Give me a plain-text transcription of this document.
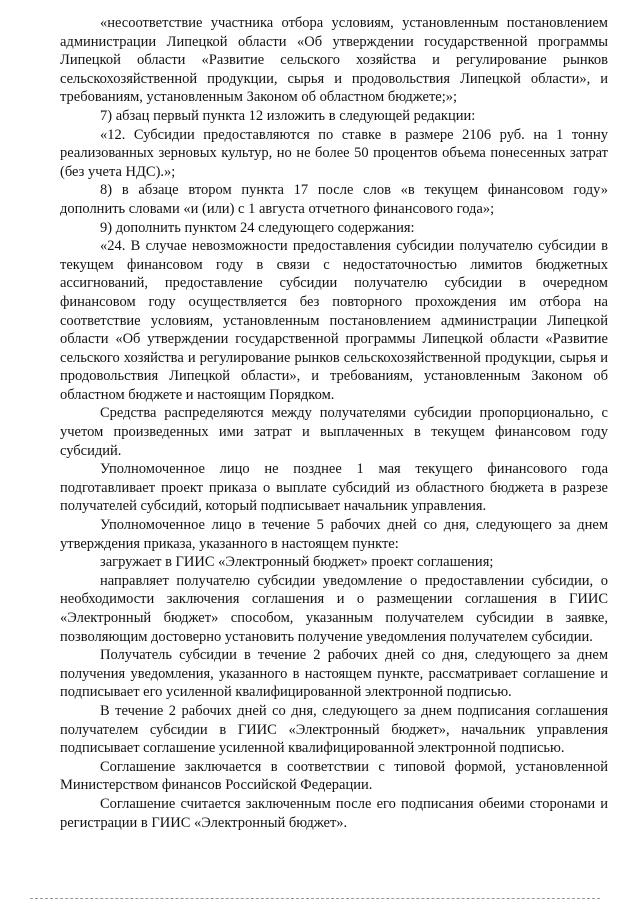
«несоответствие участника отбора условиям, установленным постановлением администрации Липецкой области «Об утверждении государственной программы Липецкой области «Развитие сельского хозяйства и регулирование рынков сельскохозяйственной продукции, сырья и продовольствия Липецкой области», и требованиям, установленным Законом об областном бюджете;»;

7) абзац первый пункта 12 изложить в следующей редакции:

«12. Субсидии предоставляются по ставке в размере 2106 руб. на 1 тонну реализованных зерновых культур, но не более 50 процентов объема понесенных затрат (без учета НДС).»;

8) в абзаце втором пункта 17 после слов «в текущем финансовом году» дополнить словами «и (или) с 1 августа отчетного финансового года»;

9) дополнить пунктом 24 следующего содержания:

«24. В случае невозможности предоставления субсидии получателю субсидии в текущем финансовом году в связи с недостаточностью лимитов бюджетных ассигнований, предоставление субсидии получателю субсидии в очередном финансовом году осуществляется без повторного прохождения им отбора на соответствие условиям, установленным постановлением администрации Липецкой области «Об утверждении государственной программы Липецкой области «Развитие сельского хозяйства и регулирование рынков сельскохозяйственной продукции, сырья и продовольствия Липецкой области», и требованиям, установленным Законом об областном бюджете и настоящим Порядком.

Средства распределяются между получателями субсидии пропорционально, с учетом произведенных ими затрат и выплаченных в текущем финансовом году субсидий.

Уполномоченное лицо не позднее 1 мая текущего финансового года подготавливает проект приказа о выплате субсидий из областного бюджета в разрезе получателей субсидий, который подписывает начальник управления.

Уполномоченное лицо в течение 5 рабочих дней со дня, следующего за днем утверждения приказа, указанного в настоящем пункте:

загружает в ГИИС «Электронный бюджет» проект соглашения;

направляет получателю субсидии уведомление о предоставлении субсидии, о необходимости заключения соглашения и о размещении соглашения в ГИИС «Электронный бюджет» способом, указанным получателем субсидии в заявке, позволяющим достоверно установить получение уведомления получателем субсидии.

Получатель субсидии в течение 2 рабочих дней со дня, следующего за днем получения уведомления, указанного в настоящем пункте, рассматривает соглашение и подписывает его усиленной квалифицированной электронной подписью.

В течение 2 рабочих дней со дня, следующего за днем подписания соглашения получателем субсидии в ГИИС «Электронный бюджет», начальник управления подписывает соглашение усиленной квалифицированной электронной подписью.

Соглашение заключается в соответствии с типовой формой, установленной Министерством финансов Российской Федерации.

Соглашение считается заключенным после его подписания обеими сторонами и регистрации в ГИИС «Электронный бюджет».
